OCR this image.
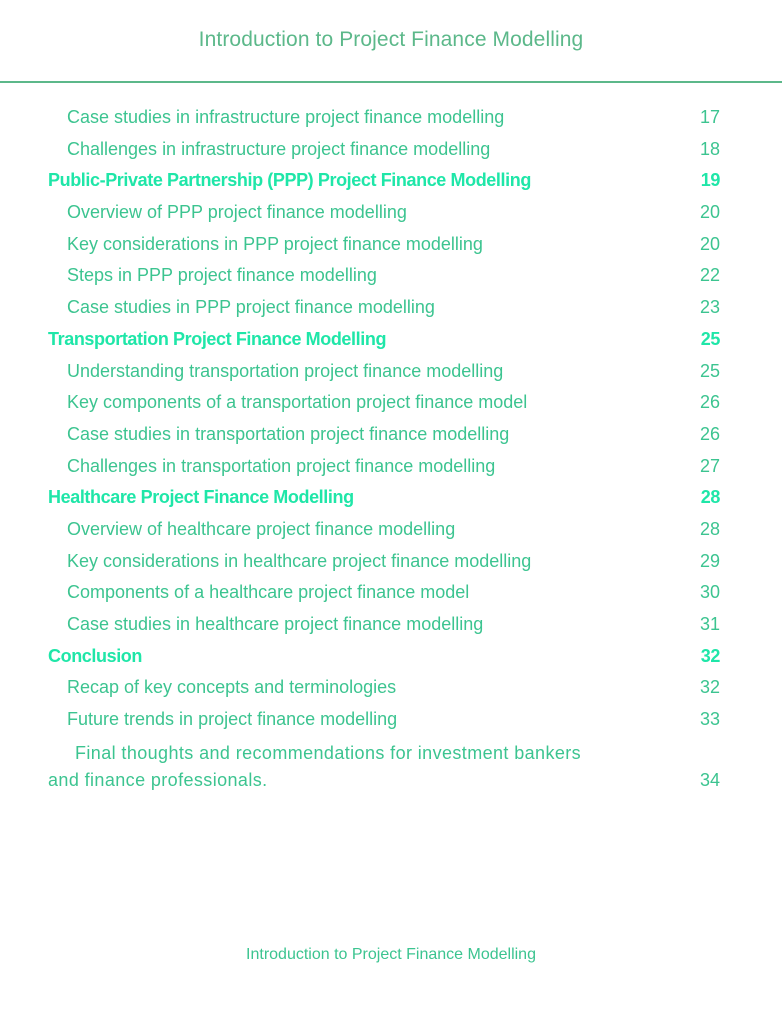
Introduction to Project Finance Modelling
Case studies in infrastructure project finance modelling	17
Challenges in infrastructure project finance modelling	18
Public-Private Partnership (PPP) Project Finance Modelling	19
Overview of PPP project finance modelling	20
Key considerations in PPP project finance modelling	20
Steps in PPP project finance modelling	22
Case studies in PPP project finance modelling	23
Transportation Project Finance Modelling	25
Understanding transportation project finance modelling	25
Key components of a transportation project finance model	26
Case studies in transportation project finance modelling	26
Challenges in transportation project finance modelling	27
Healthcare Project Finance Modelling	28
Overview of healthcare project finance modelling	28
Key considerations in healthcare project finance modelling	29
Components of a healthcare project finance model	30
Case studies in healthcare project finance modelling	31
Conclusion	32
Recap of key concepts and terminologies	32
Future trends in project finance modelling	33
Final thoughts and recommendations for investment bankers and finance professionals.	34
Introduction to Project Finance Modelling
